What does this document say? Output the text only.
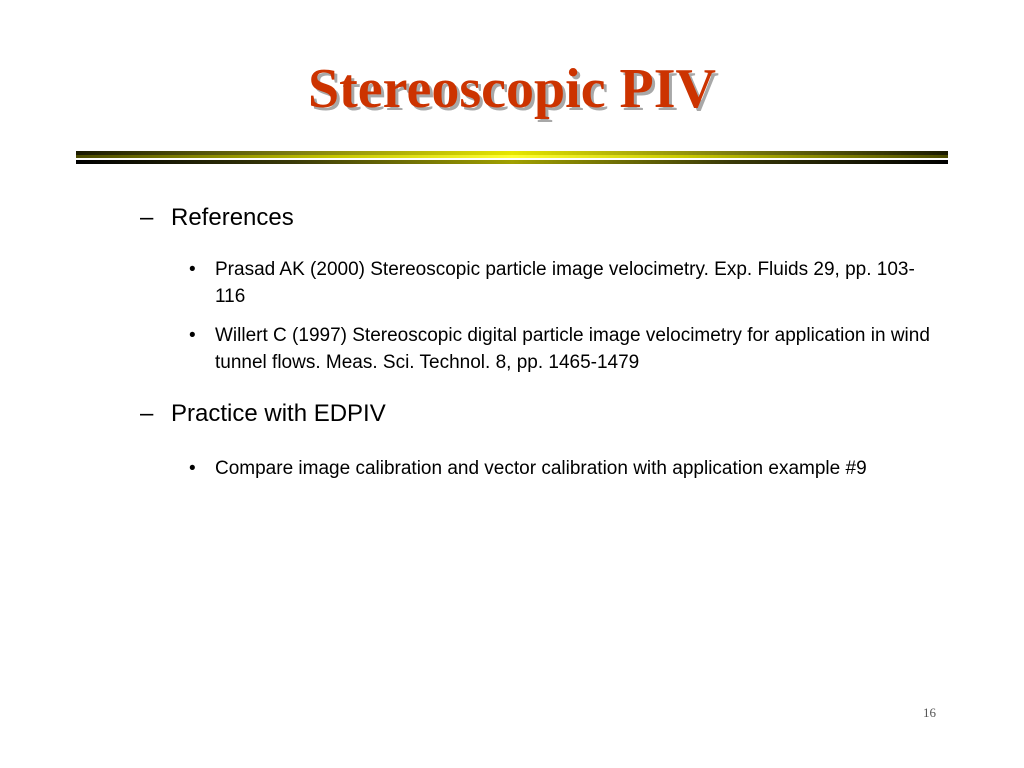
Stereoscopic PIV
– References
• Prasad AK (2000) Stereoscopic particle image velocimetry. Exp. Fluids 29, pp. 103-116
• Willert C (1997) Stereoscopic digital particle image velocimetry for application in wind tunnel flows. Meas. Sci. Technol. 8, pp. 1465-1479
– Practice with EDPIV
• Compare image calibration and vector calibration with application example #9
16
